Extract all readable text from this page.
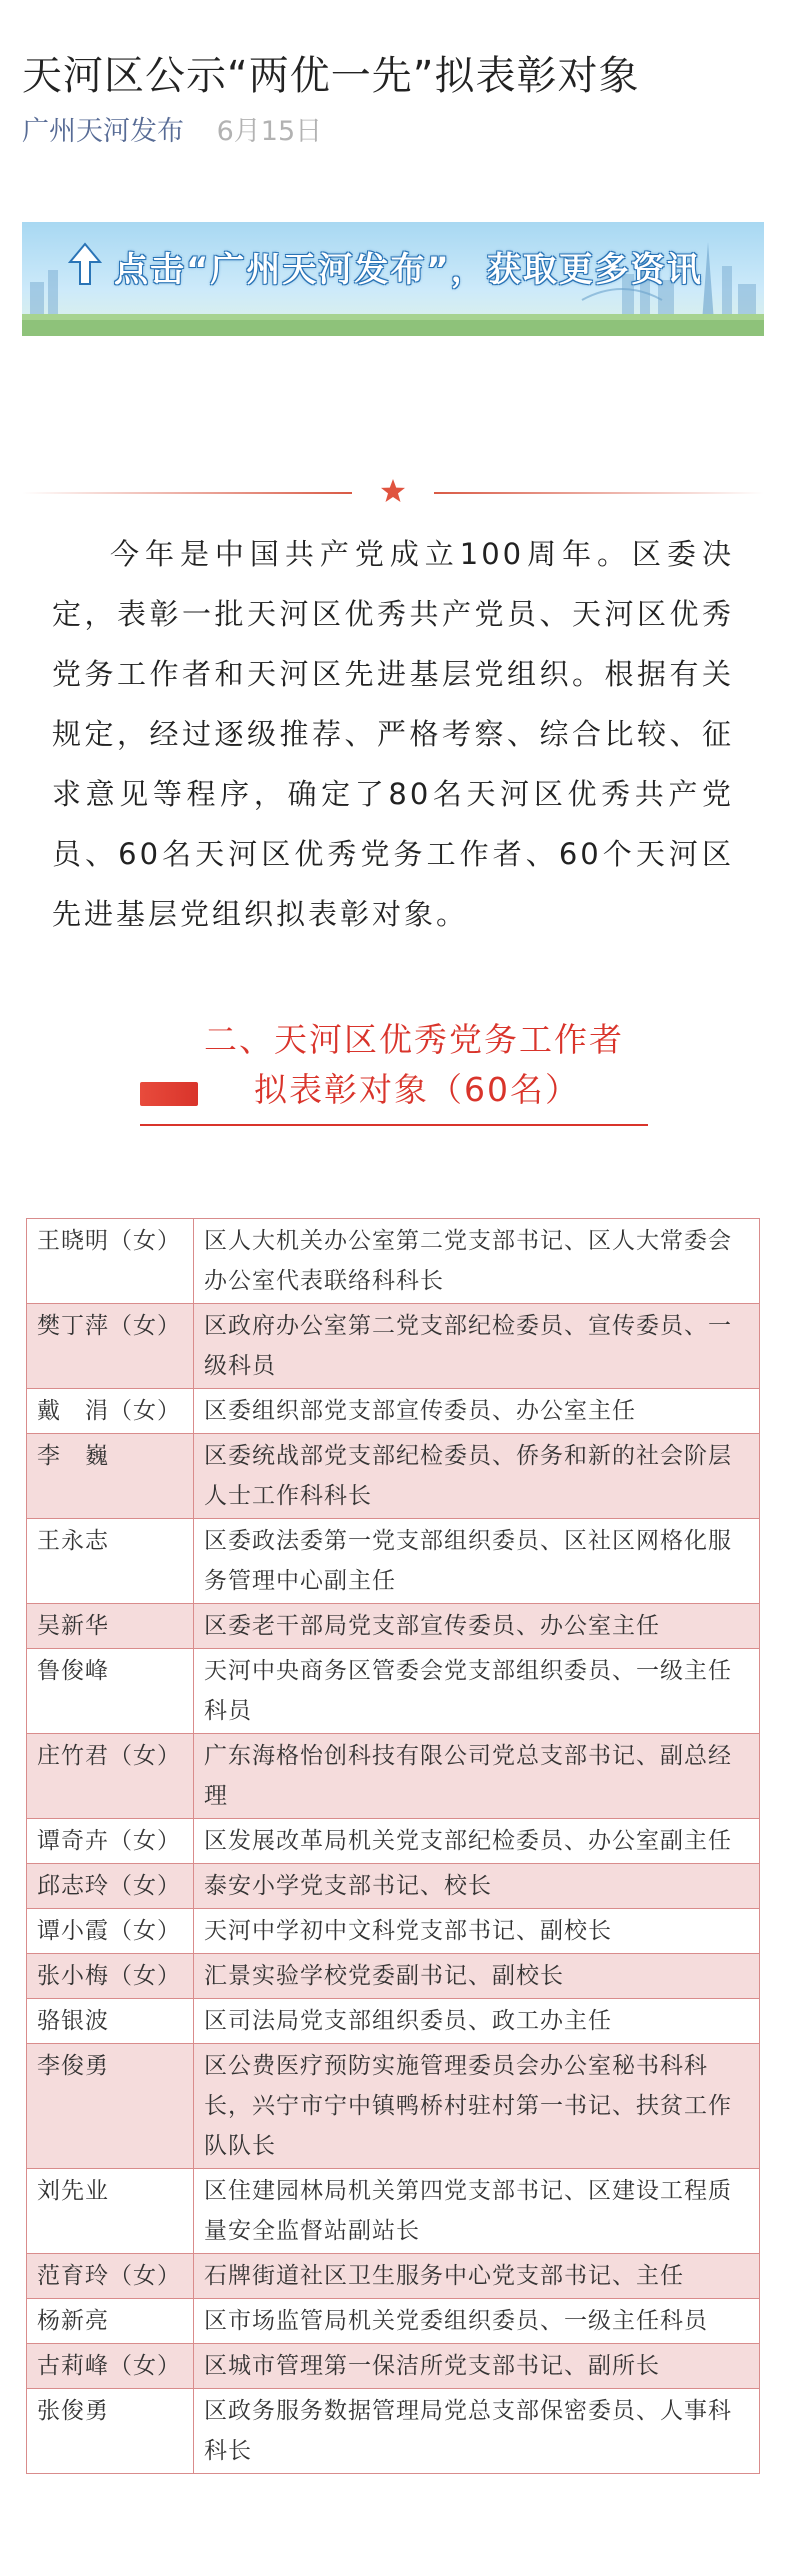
天河区公示“两优一先”拟表彰对象
广州天河发布 6月15日
点击“广州天河发布”，获取更多资讯

今年是中国共产党成立100周年。区委决定，表彰一批天河区优秀共产党员、天河区优秀党务工作者和天河区先进基层党组织。根据有关规定，经过逐级推荐、严格考察、综合比较、征求意见等程序，确定了80名天河区优秀共产党员、60名天河区优秀党务工作者、60个天河区先进基层党组织拟表彰对象。

二、天河区优秀党务工作者
拟表彰对象（60名）
王晓明（女）	区人大机关办公室第二党支部书记、区人大常委会办公室代表联络科科长
樊丁萍（女）	区政府办公室第二党支部纪检委员、宣传委员、一级科员
戴　涓（女）	区委组织部党支部宣传委员、办公室主任
李　巍	区委统战部党支部纪检委员、侨务和新的社会阶层人士工作科科长
王永志	区委政法委第一党支部组织委员、区社区网格化服务管理中心副主任
吴新华	区委老干部局党支部宣传委员、办公室主任
鲁俊峰	天河中央商务区管委会党支部组织委员、一级主任科员
庄竹君（女）	广东海格怡创科技有限公司党总支部书记、副总经理
谭奇卉（女）	区发展改革局机关党支部纪检委员、办公室副主任
邱志玲（女）	泰安小学党支部书记、校长
谭小霞（女）	天河中学初中文科党支部书记、副校长
张小梅（女）	汇景实验学校党委副书记、副校长
骆银波	区司法局党支部组织委员、政工办主任
李俊勇	区公费医疗预防实施管理委员会办公室秘书科科长，兴宁市宁中镇鸭桥村驻村第一书记、扶贫工作队队长
刘先业	区住建园林局机关第四党支部书记、区建设工程质量安全监督站副站长
范育玲（女）	石牌街道社区卫生服务中心党支部书记、主任
杨新亮	区市场监管局机关党委组织委员、一级主任科员
古莉峰（女）	区城市管理第一保洁所党支部书记、副所长
张俊勇	区政务服务数据管理局党总支部保密委员、人事科科长
